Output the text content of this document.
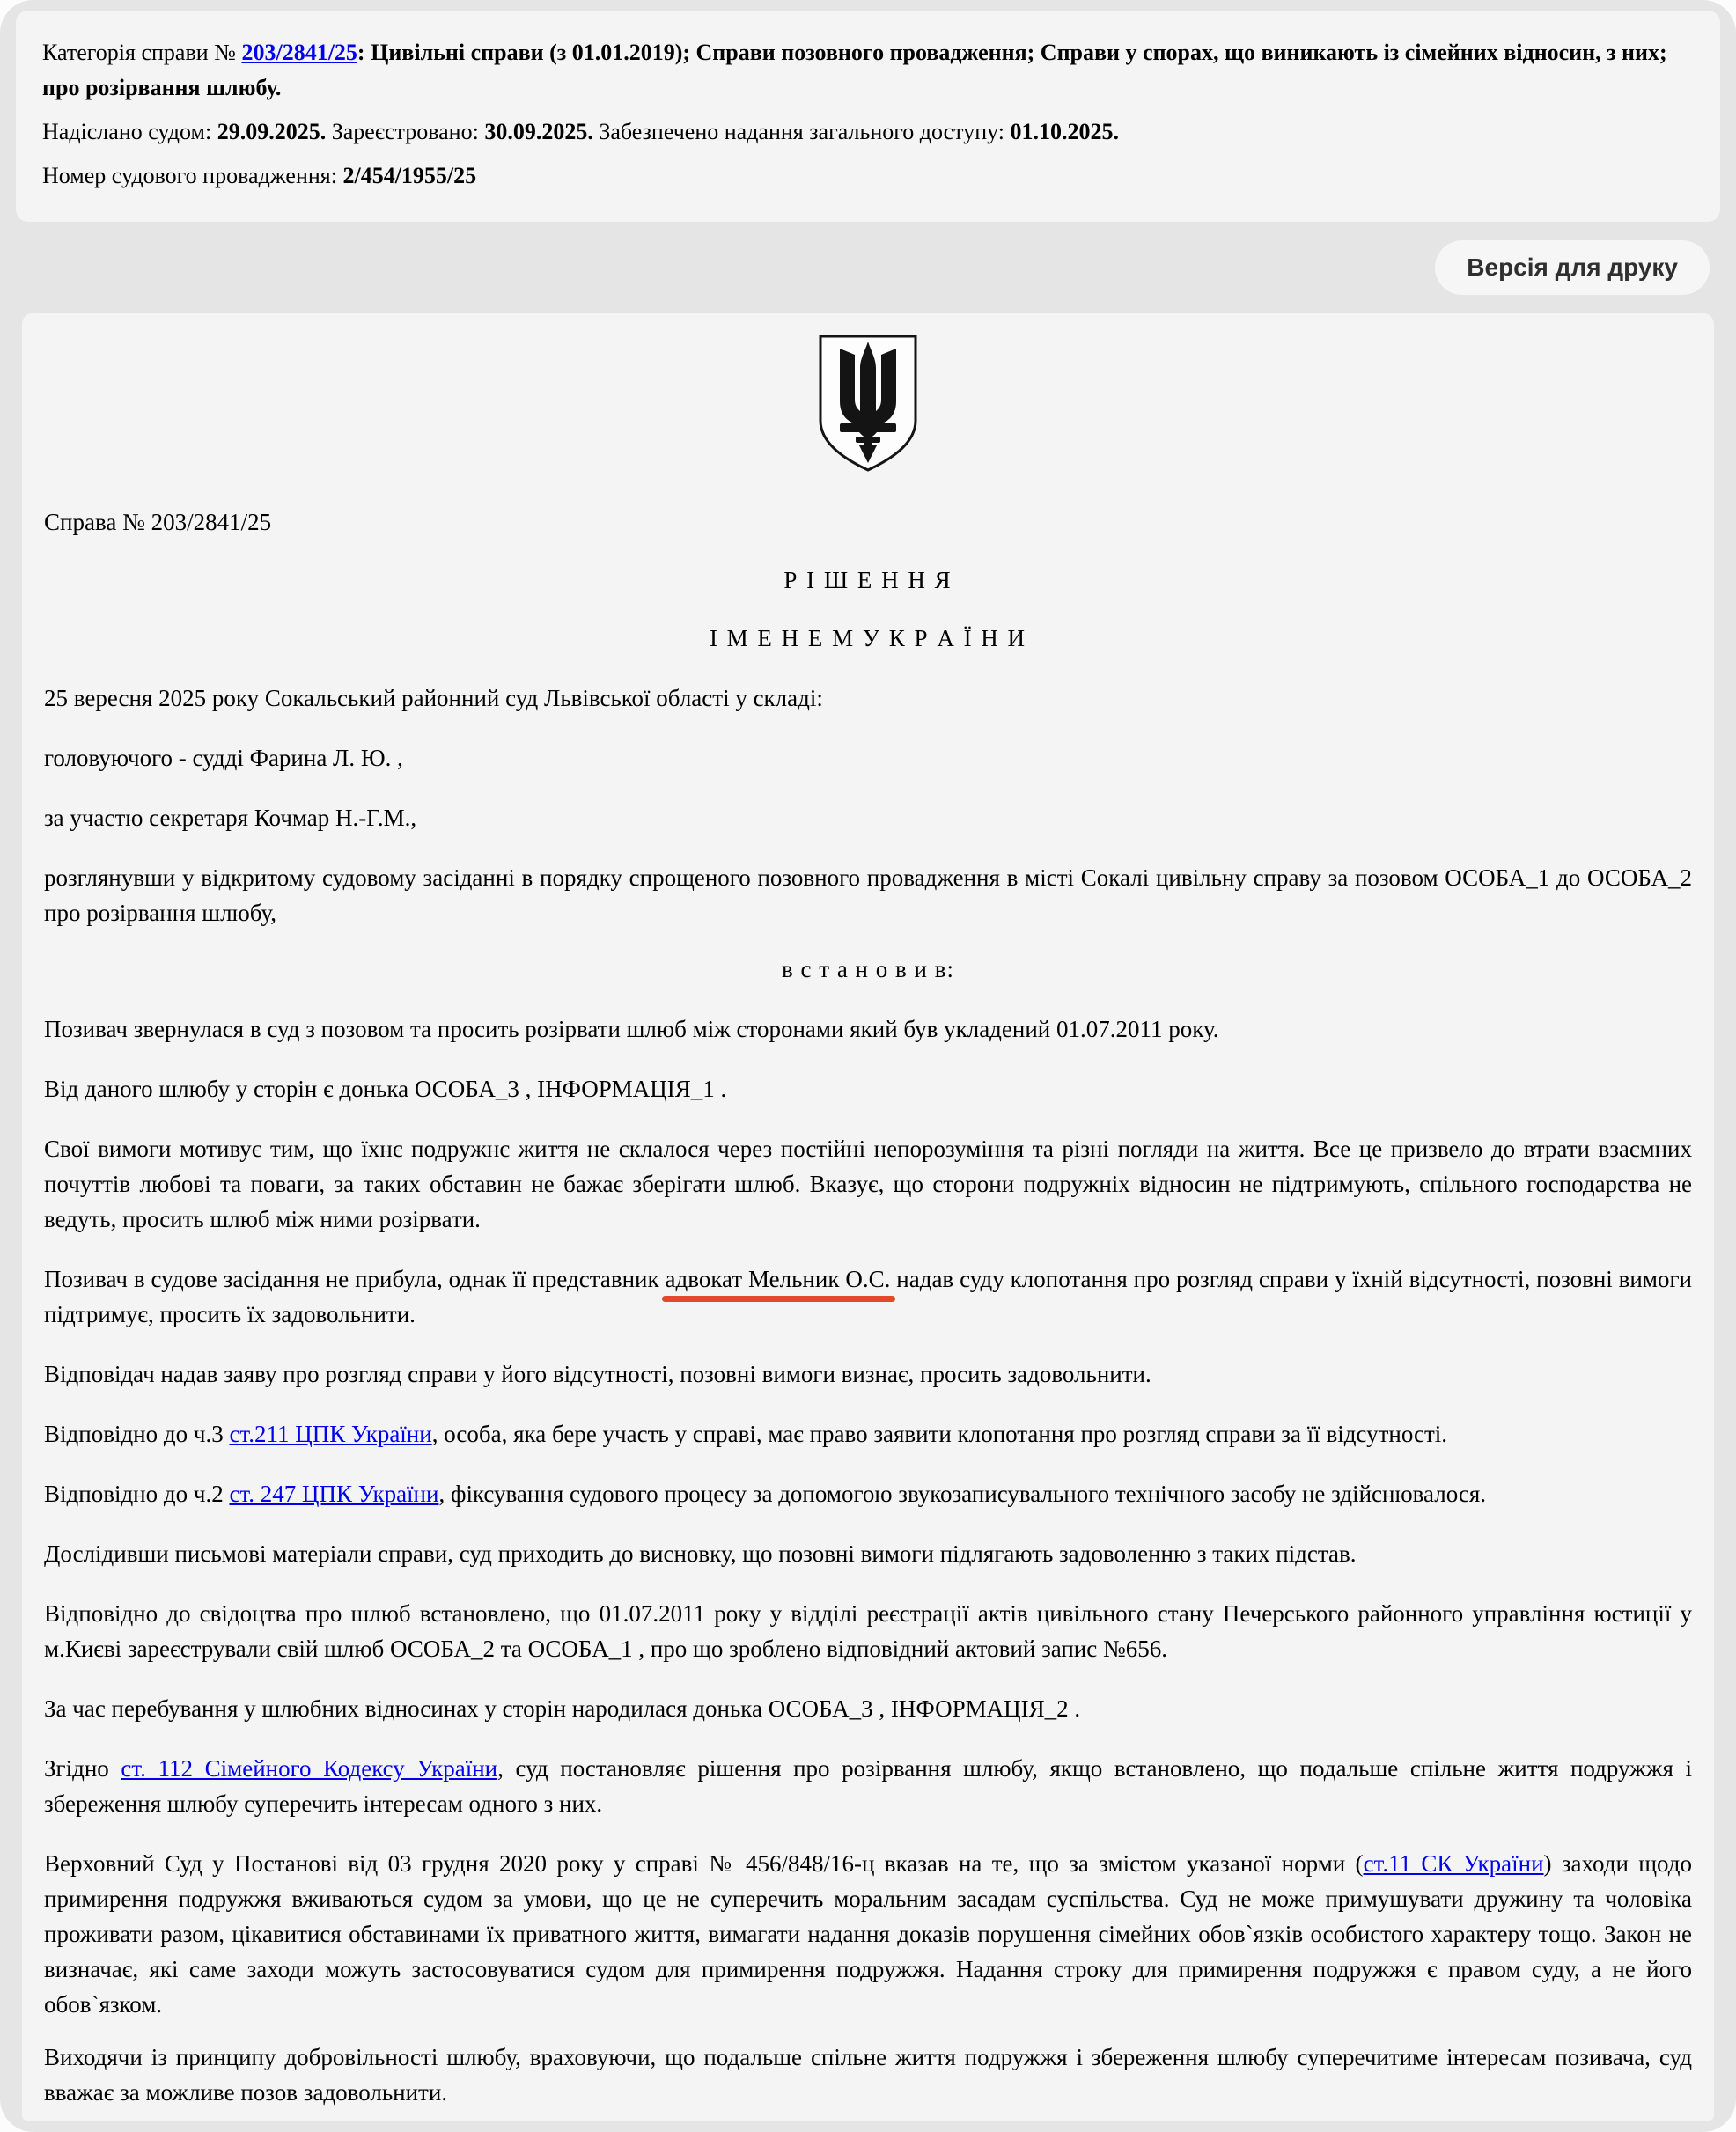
Категорія справи № 203/2841/25: Цивільні справи (з 01.01.2019); Справи позовного провадження; Справи у спорах, що виникають із сімейних відносин, з них; про розірвання шлюбу.

Надіслано судом: 29.09.2025. Зареєстровано: 30.09.2025. Забезпечено надання загального доступу: 01.10.2025.

Номер судового провадження: 2/454/1955/25

Версія для друку

Справа № 203/2841/25

Р І Ш Е Н Н Я

І М Е Н Е М У К Р А Ї Н И

25 вересня 2025 року Сокальський районний суд Львівської області у складі:

головуючого - судді Фарина Л. Ю. ,

за участю секретаря Кочмар Н.-Г.М.,

розглянувши у відкритому судовому засіданні в порядку спрощеного позовного провадження в місті Сокалі цивільну справу за позовом ОСОБА_1 до ОСОБА_2 про розірвання шлюбу,

в с т а н о в и в:

Позивач звернулася в суд з позовом та просить розірвати шлюб між сторонами який був укладений 01.07.2011 року.

Від даного шлюбу у сторін є донька ОСОБА_3 , ІНФОРМАЦІЯ_1 .

Свої вимоги мотивує тим, що їхнє подружнє життя не склалося через постійні непорозуміння та різні погляди на життя. Все це призвело до втрати взаємних почуттів любові та поваги, за таких обставин не бажає зберігати шлюб. Вказує, що сторони подружніх відносин не підтримують, спільного господарства не ведуть, просить шлюб між ними розірвати.

Позивач в судове засідання не прибула, однак її представник адвокат Мельник О.С. надав суду клопотання про розгляд справи у їхній відсутності, позовні вимоги підтримує, просить їх задовольнити.

Відповідач надав заяву про розгляд справи у його відсутності, позовні вимоги визнає, просить задовольнити.

Відповідно до ч.3 ст.211 ЦПК України, особа, яка бере участь у справі, має право заявити клопотання про розгляд справи за її відсутності.

Відповідно до ч.2 ст. 247 ЦПК України, фіксування судового процесу за допомогою звукозаписувального технічного засобу не здійснювалося.

Дослідивши письмові матеріали справи, суд приходить до висновку, що позовні вимоги підлягають задоволенню з таких підстав.

Відповідно до свідоцтва про шлюб встановлено, що 01.07.2011 року у відділі реєстрації актів цивільного стану Печерського районного управління юстиції у м.Києві зареєстрували свій шлюб ОСОБА_2 та ОСОБА_1 , про що зроблено відповідний актовий запис №656.

За час перебування у шлюбних відносинах у сторін народилася донька ОСОБА_3 , ІНФОРМАЦІЯ_2 .

Згідно ст. 112 Сімейного Кодексу України, суд постановляє рішення про розірвання шлюбу, якщо встановлено, що подальше спільне життя подружжя і збереження шлюбу суперечить інтересам одного з них.

Верховний Суд у Постанові від 03 грудня 2020 року у справі № 456/848/16-ц вказав на те, що за змістом указаної норми (ст.11 СК України) заходи щодо примирення подружжя вживаються судом за умови, що це не суперечить моральним засадам суспільства. Суд не може примушувати дружину та чоловіка проживати разом, цікавитися обставинами їх приватного життя, вимагати надання доказів порушення сімейних обов`язків особистого характеру тощо. Закон не визначає, які саме заходи можуть застосовуватися судом для примирення подружжя. Надання строку для примирення подружжя є правом суду, а не його обов`язком.

Виходячи із принципу добровільності шлюбу, враховуючи, що подальше спільне життя подружжя і збереження шлюбу суперечитиме інтересам позивача, суд вважає за можливе позов задовольнити.
